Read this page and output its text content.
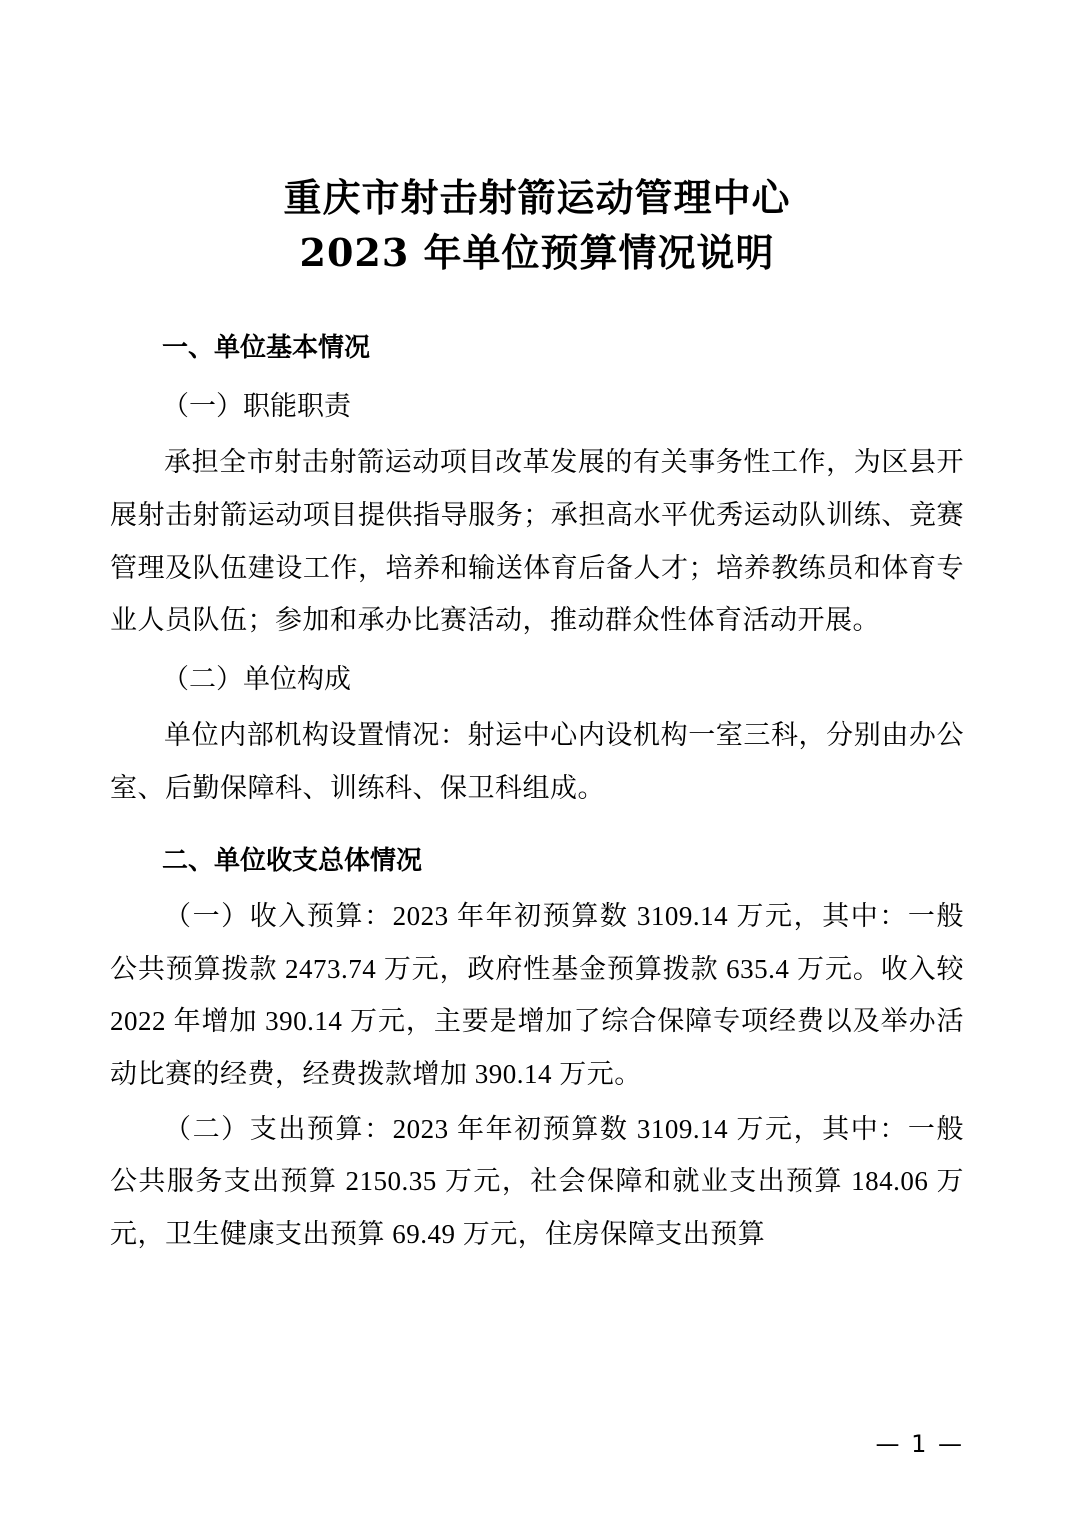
重庆市射击射箭运动管理中心
2023 年单位预算情况说明
一、单位基本情况
（一）职能职责

承担全市射击射箭运动项目改革发展的有关事务性工作，为区县开展射击射箭运动项目提供指导服务；承担高水平优秀运动队训练、竞赛管理及队伍建设工作，培养和输送体育后备人才；培养教练员和体育专业人员队伍；参加和承办比赛活动，推动群众性体育活动开展。

（二）单位构成

单位内部机构设置情况：射运中心内设机构一室三科，分别由办公室、后勤保障科、训练科、保卫科组成。

二、单位收支总体情况

（一）收入预算：2023 年年初预算数 3109.14 万元，其中：一般公共预算拨款 2473.74 万元，政府性基金预算拨款 635.4 万元。收入较 2022 年增加 390.14 万元，主要是增加了综合保障专项经费以及举办活动比赛的经费，经费拨款增加 390.14 万元。

（二）支出预算：2023 年年初预算数 3109.14 万元，其中：一般公共服务支出预算 2150.35 万元，社会保障和就业支出预算 184.06 万元，卫生健康支出预算 69.49 万元，住房保障支出预算

— 1 —
